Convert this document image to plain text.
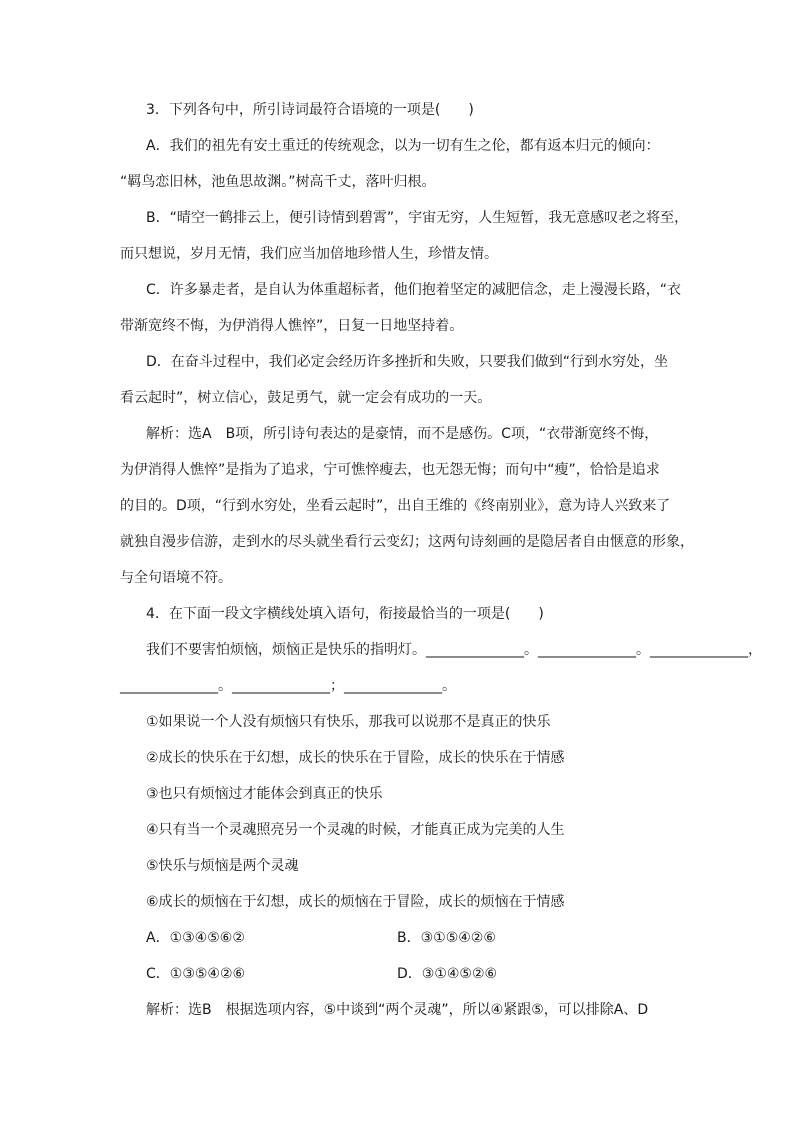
3．下列各句中，所引诗词最符合语境的一项是(　　)
A．我们的祖先有安土重迁的传统观念，以为一切有生之伦，都有返本归元的倾向：
“羁鸟恋旧林，池鱼思故渊。”树高千丈，落叶归根。
B．“晴空一鹤排云上，便引诗情到碧霄”，宇宙无穷，人生短暂，我无意感叹老之将至，
而只想说，岁月无情，我们应当加倍地珍惜人生，珍惜友情。
C．许多暴走者，是自认为体重超标者，他们抱着坚定的减肥信念，走上漫漫长路，“衣
带渐宽终不悔，为伊消得人憔悴”，日复一日地坚持着。
D．在奋斗过程中，我们必定会经历许多挫折和失败，只要我们做到“行到水穷处，坐
看云起时”，树立信心，鼓足勇气，就一定会有成功的一天。
解析：选A　B项，所引诗句表达的是豪情，而不是感伤。C项，“衣带渐宽终不悔，
为伊消得人憔悴”是指为了追求，宁可憔悴瘦去，也无怨无悔；而句中“瘦”，恰恰是追求
的目的。D项，“行到水穷处，坐看云起时”，出自王维的《终南别业》，意为诗人兴致来了
就独自漫步信游，走到水的尽头就坐看行云变幻；这两句诗刻画的是隐居者自由惬意的形象，
与全句语境不符。
4．在下面一段文字横线处填入语句，衔接最恰当的一项是(　　)
我们不要害怕烦恼，烦恼正是快乐的指明灯。______________。______________。______________，
______________。______________；______________。
①如果说一个人没有烦恼只有快乐，那我可以说那不是真正的快乐
②成长的快乐在于幻想，成长的快乐在于冒险，成长的快乐在于情感
③也只有烦恼过才能体会到真正的快乐
④只有当一个灵魂照亮另一个灵魂的时候，才能真正成为完美的人生
⑤快乐与烦恼是两个灵魂
⑥成长的烦恼在于幻想，成长的烦恼在于冒险，成长的烦恼在于情感
A．①③④⑤⑥②	B．③①⑤④②⑥
C．①③⑤④②⑥	D．③①④⑤②⑥
解析：选B　根据选项内容，⑤中谈到“两个灵魂”，所以④紧跟⑤，可以排除A、D
